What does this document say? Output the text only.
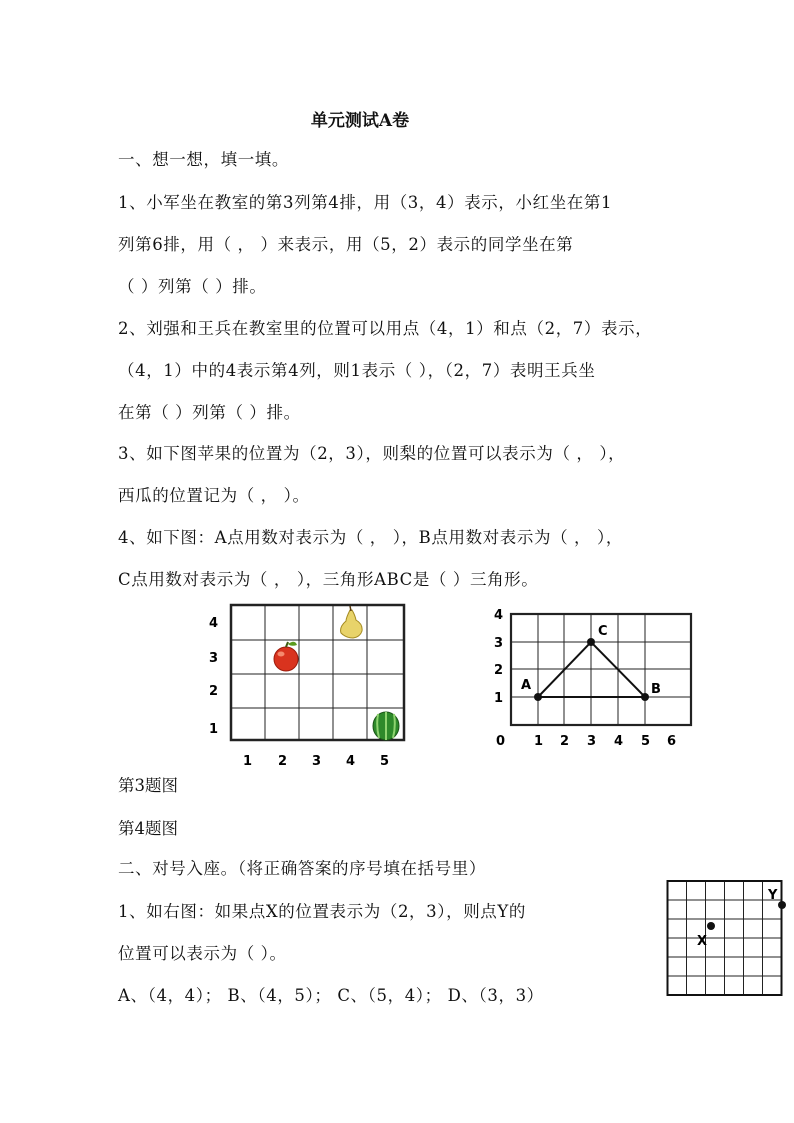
单元测试A卷
一、想一想，填一填。
1、小军坐在教室的第3列第4排，用（3，4）表示，小红坐在第1
列第6排，用（ ， ）来表示，用（5，2）表示的同学坐在第
（ ）列第（ ）排。
2、刘强和王兵在教室里的位置可以用点（4，1）和点（2，7）表示，
（4，1）中的4表示第4列，则1表示（ ），（2，7）表明王兵坐
在第（ ）列第（ ）排。
3、如下图苹果的位置为（2，3），则梨的位置可以表示为（ ， ），
西瓜的位置记为（ ， ）。
4、如下图：A点用数对表示为（ ， ），B点用数对表示为（ ， ），
C点用数对表示为（ ， ），三角形ABC是（ ）三角形。
4
3
2
1
1 2 3 4 5
A	B
C
4
3
2
1
0 1 2 3 4 5 6
第3题图
第4题图
二、对号入座。（将正确答案的序号填在括号里）
1、如右图：如果点X的位置表示为（2，3），则点Y的
位置可以表示为（ ）。
A、（4，4）； B、（4，5）； C、（5，4）； D、（3，3）
X
Y
